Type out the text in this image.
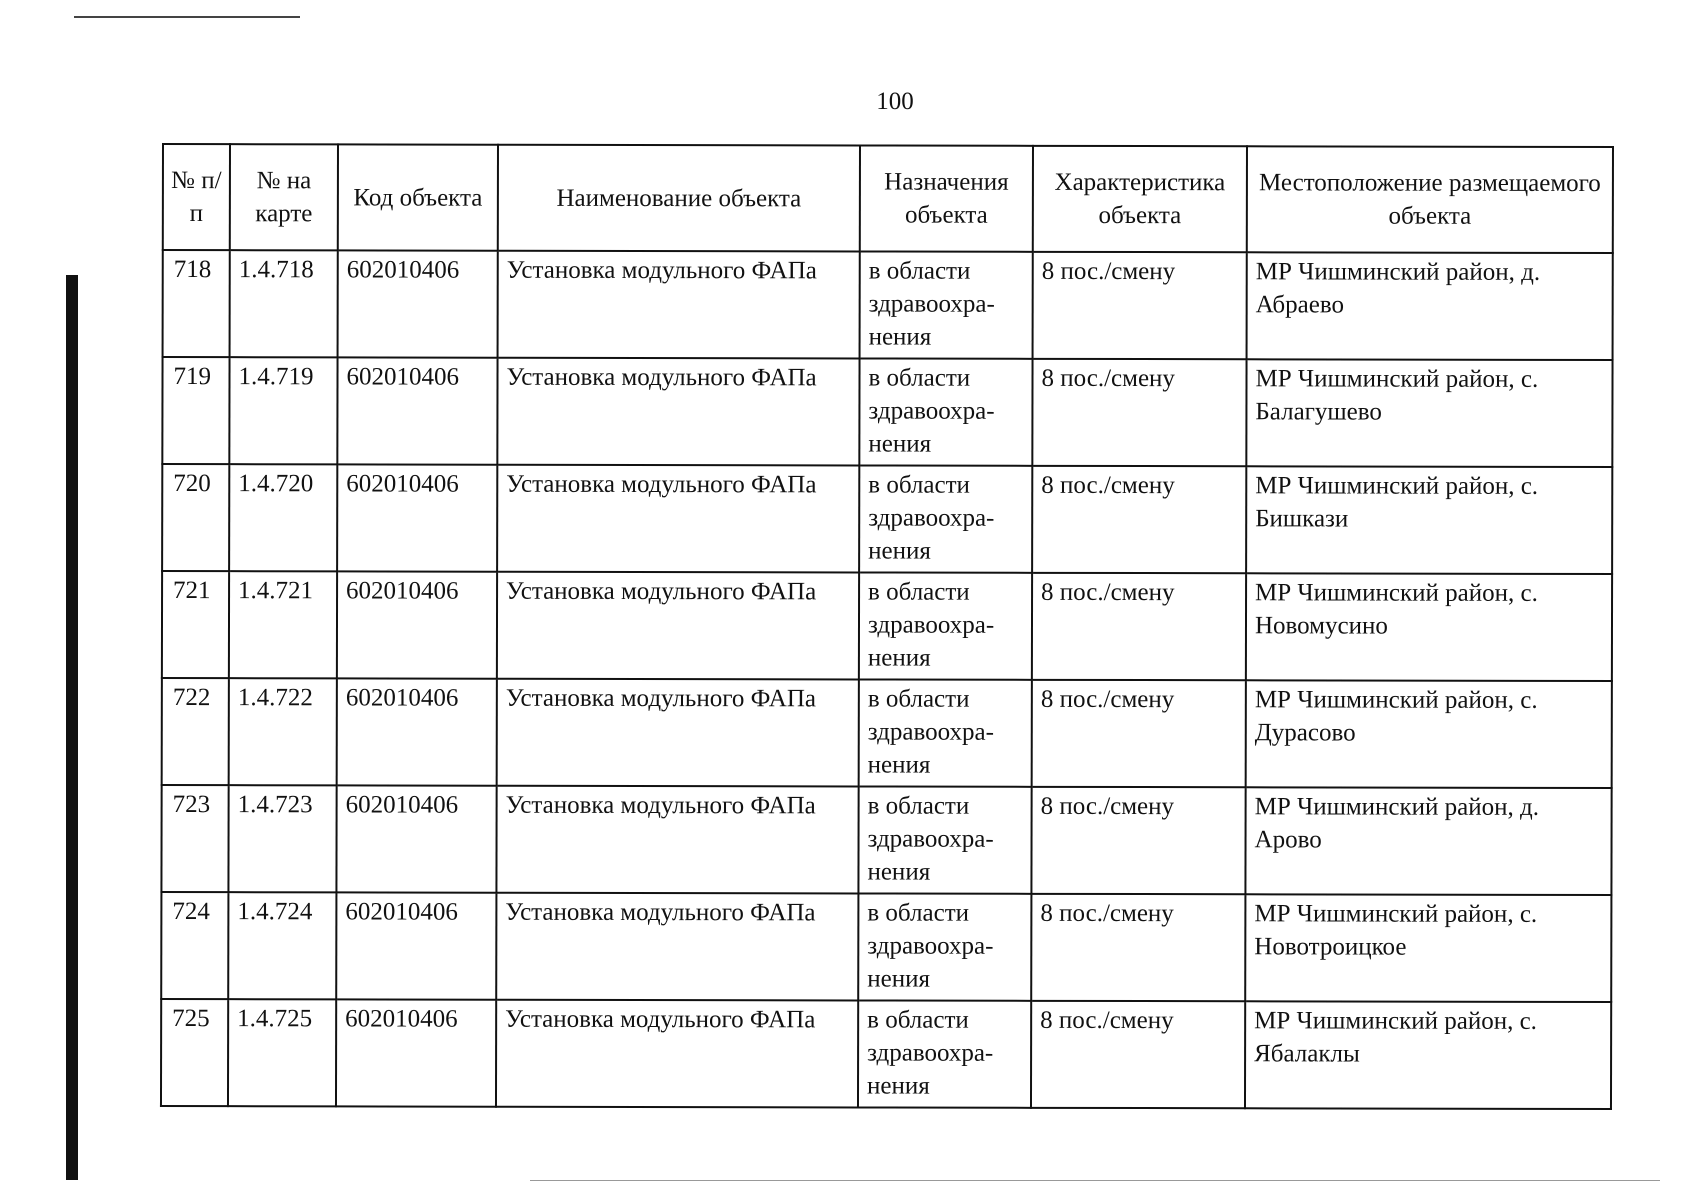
100
№ п/п	№ на карте	Код объекта	Наименование объекта	Назначения объекта	Характеристика объекта	Местоположение размещаемого объекта
718	1.4.718	602010406	Установка модульного ФАПа	в области здравоохра-нения	8 пос./смену	МР Чишминский район, д. Абраево
719	1.4.719	602010406	Установка модульного ФАПа	в области здравоохра-нения	8 пос./смену	МР Чишминский район, с. Балагушево
720	1.4.720	602010406	Установка модульного ФАПа	в области здравоохра-нения	8 пос./смену	МР Чишминский район, с. Бишкази
721	1.4.721	602010406	Установка модульного ФАПа	в области здравоохра-нения	8 пос./смену	МР Чишминский район, с. Новомусино
722	1.4.722	602010406	Установка модульного ФАПа	в области здравоохра-нения	8 пос./смену	МР Чишминский район, с. Дурасово
723	1.4.723	602010406	Установка модульного ФАПа	в области здравоохра-нения	8 пос./смену	МР Чишминский район, д. Арово
724	1.4.724	602010406	Установка модульного ФАПа	в области здравоохра-нения	8 пос./смену	МР Чишминский район, с. Новотроицкое
725	1.4.725	602010406	Установка модульного ФАПа	в области здравоохра-нения	8 пос./смену	МР Чишминский район, с. Ябалаклы
